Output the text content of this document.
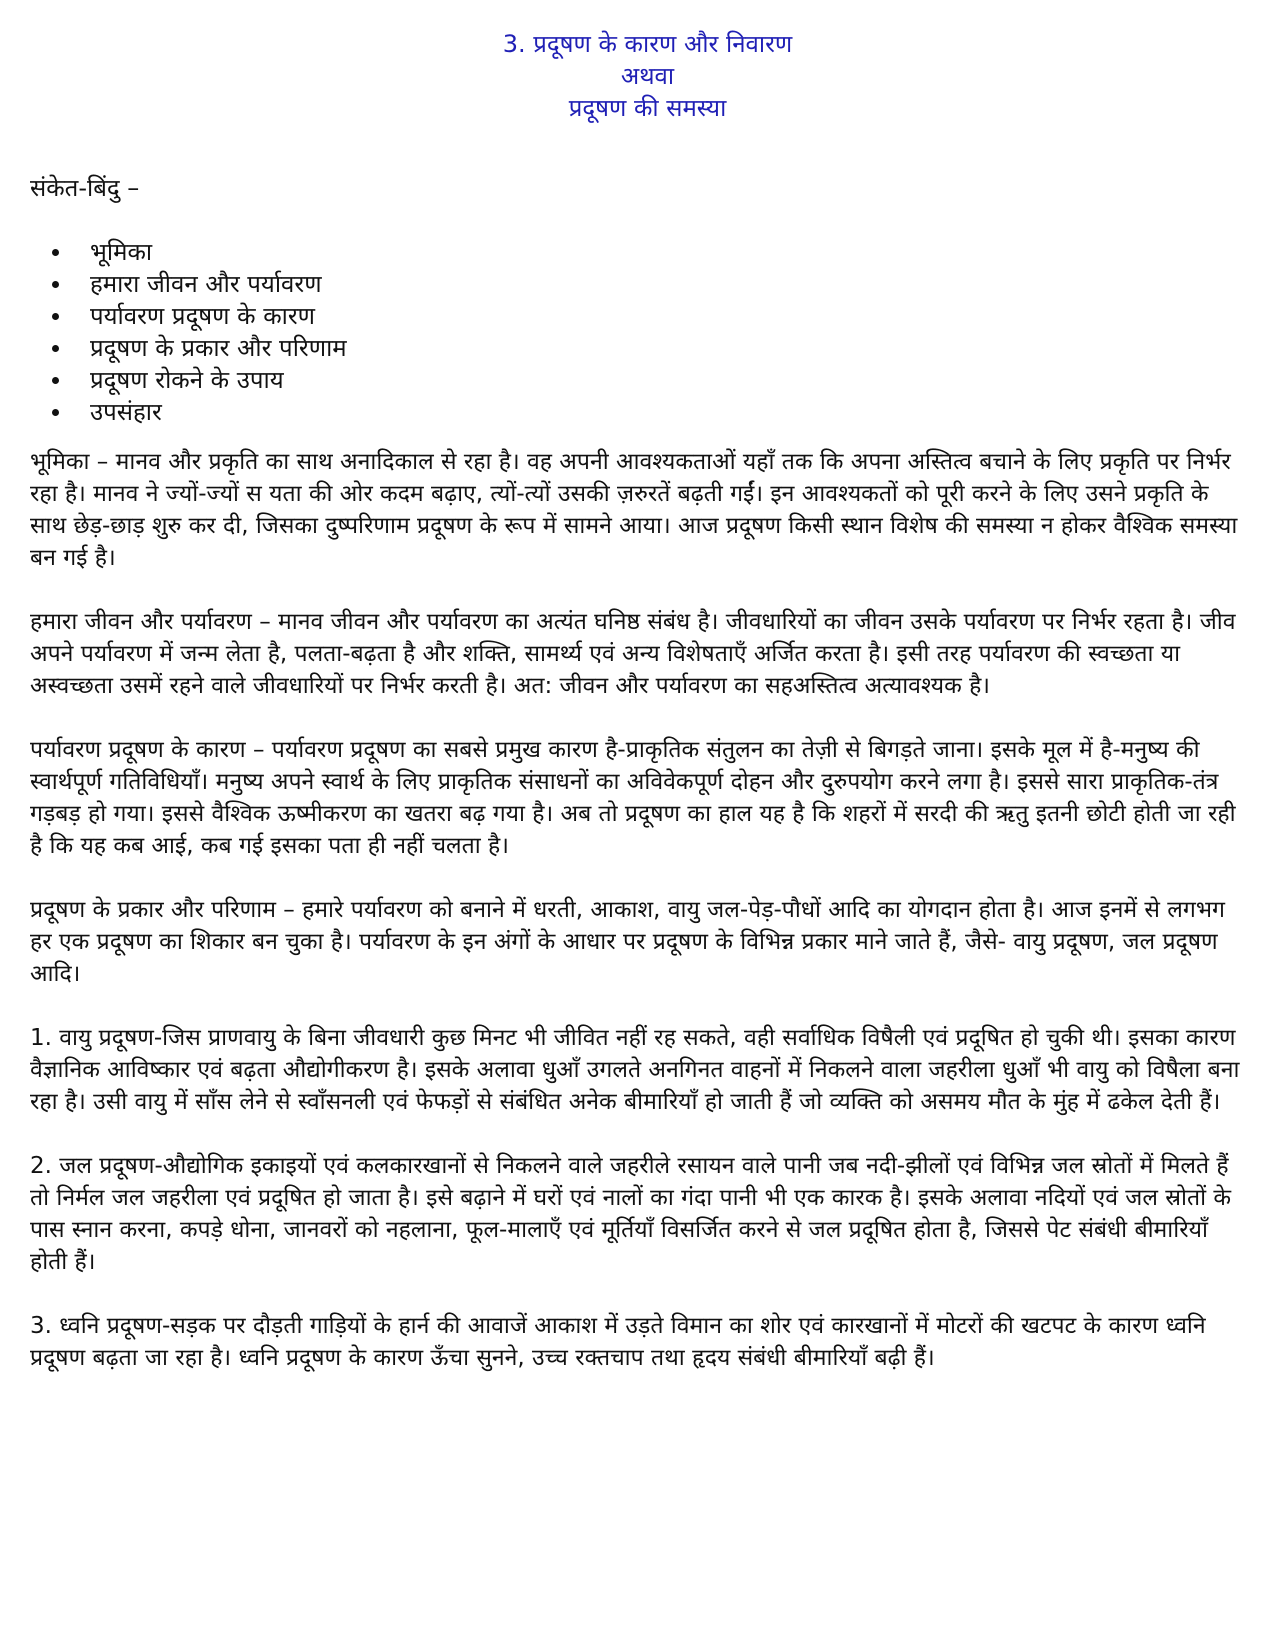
3. प्रदूषण के कारण और निवारण
अथवा
प्रदूषण की समस्या
संकेत-बिंदु –
भूमिका
हमारा जीवन और पर्यावरण
पर्यावरण प्रदूषण के कारण
प्रदूषण के प्रकार और परिणाम
प्रदूषण रोकने के उपाय
उपसंहार

भूमिका – मानव और प्रकृति का साथ अनादिकाल से रहा है। वह अपनी आवश्यकताओं यहाँ तक कि अपना अस्तित्व बचाने के लिए प्रकृति पर निर्भर रहा है। मानव ने ज्यों-ज्यों स यता की ओर कदम बढ़ाए, त्यों-त्यों उसकी ज़रुरतें बढ़ती गईं। इन आवश्यकतों को पूरी करने के लिए उसने प्रकृति के साथ छेड़-छाड़ शुरु कर दी, जिसका दुष्परिणाम प्रदूषण के रूप में सामने आया। आज प्रदूषण किसी स्थान विशेष की समस्या न होकर वैश्विक समस्या बन गई है।

हमारा जीवन और पर्यावरण – मानव जीवन और पर्यावरण का अत्यंत घनिष्ठ संबंध है। जीवधारियों का जीवन उसके पर्यावरण पर निर्भर रहता है। जीव अपने पर्यावरण में जन्म लेता है, पलता-बढ़ता है और शक्ति, सामर्थ्य एवं अन्य विशेषताएँ अर्जित करता है। इसी तरह पर्यावरण की स्वच्छता या अस्वच्छता उसमें रहने वाले जीवधारियों पर निर्भर करती है। अत: जीवन और पर्यावरण का सहअस्तित्व अत्यावश्यक है।

पर्यावरण प्रदूषण के कारण – पर्यावरण प्रदूषण का सबसे प्रमुख कारण है-प्राकृतिक संतुलन का तेज़ी से बिगड़ते जाना। इसके मूल में है-मनुष्य की स्वार्थपूर्ण गतिविधियाँ। मनुष्य अपने स्वार्थ के लिए प्राकृतिक संसाधनों का अविवेकपूर्ण दोहन और दुरुपयोग करने लगा है। इससे सारा प्राकृतिक-तंत्र गड़बड़ हो गया। इससे वैश्विक ऊष्मीकरण का खतरा बढ़ गया है। अब तो प्रदूषण का हाल यह है कि शहरों में सरदी की ऋतु इतनी छोटी होती जा रही है कि यह कब आई, कब गई इसका पता ही नहीं चलता है।

प्रदूषण के प्रकार और परिणाम – हमारे पर्यावरण को बनाने में धरती, आकाश, वायु जल-पेड़-पौधों आदि का योगदान होता है। आज इनमें से लगभग हर एक प्रदूषण का शिकार बन चुका है। पर्यावरण के इन अंगों के आधार पर प्रदूषण के विभिन्न प्रकार माने जाते हैं, जैसे- वायु प्रदूषण, जल प्रदूषण आदि।

1. वायु प्रदूषण-जिस प्राणवायु के बिना जीवधारी कुछ मिनट भी जीवित नहीं रह सकते, वही सर्वाधिक विषैली एवं प्रदूषित हो चुकी थी। इसका कारण वैज्ञानिक आविष्कार एवं बढ़ता औद्योगीकरण है। इसके अलावा धुआँ उगलते अनगिनत वाहनों में निकलने वाला जहरीला धुआँ भी वायु को विषैला बना रहा है। उसी वायु में साँस लेने से स्वाँसनली एवं फेफड़ों से संबंधित अनेक बीमारियाँ हो जाती हैं जो व्यक्ति को असमय मौत के मुंह में ढकेल देती हैं।

2. जल प्रदूषण-औद्योगिक इकाइयों एवं कलकारखानों से निकलने वाले जहरीले रसायन वाले पानी जब नदी-झीलों एवं विभिन्न जल स्रोतों में मिलते हैं तो निर्मल जल जहरीला एवं प्रदूषित हो जाता है। इसे बढ़ाने में घरों एवं नालों का गंदा पानी भी एक कारक है। इसके अलावा नदियों एवं जल स्रोतों के पास स्नान करना, कपड़े धोना, जानवरों को नहलाना, फूल-मालाएँ एवं मूर्तियाँ विसर्जित करने से जल प्रदूषित होता है, जिससे पेट संबंधी बीमारियाँ होती हैं।

3. ध्वनि प्रदूषण-सड़क पर दौड़ती गाड़ियों के हार्न की आवाजें आकाश में उड़ते विमान का शोर एवं कारखानों में मोटरों की खटपट के कारण ध्वनि प्रदूषण बढ़ता जा रहा है। ध्वनि प्रदूषण के कारण ऊँचा सुनने, उच्च रक्तचाप तथा हृदय संबंधी बीमारियाँ बढ़ी हैं।
